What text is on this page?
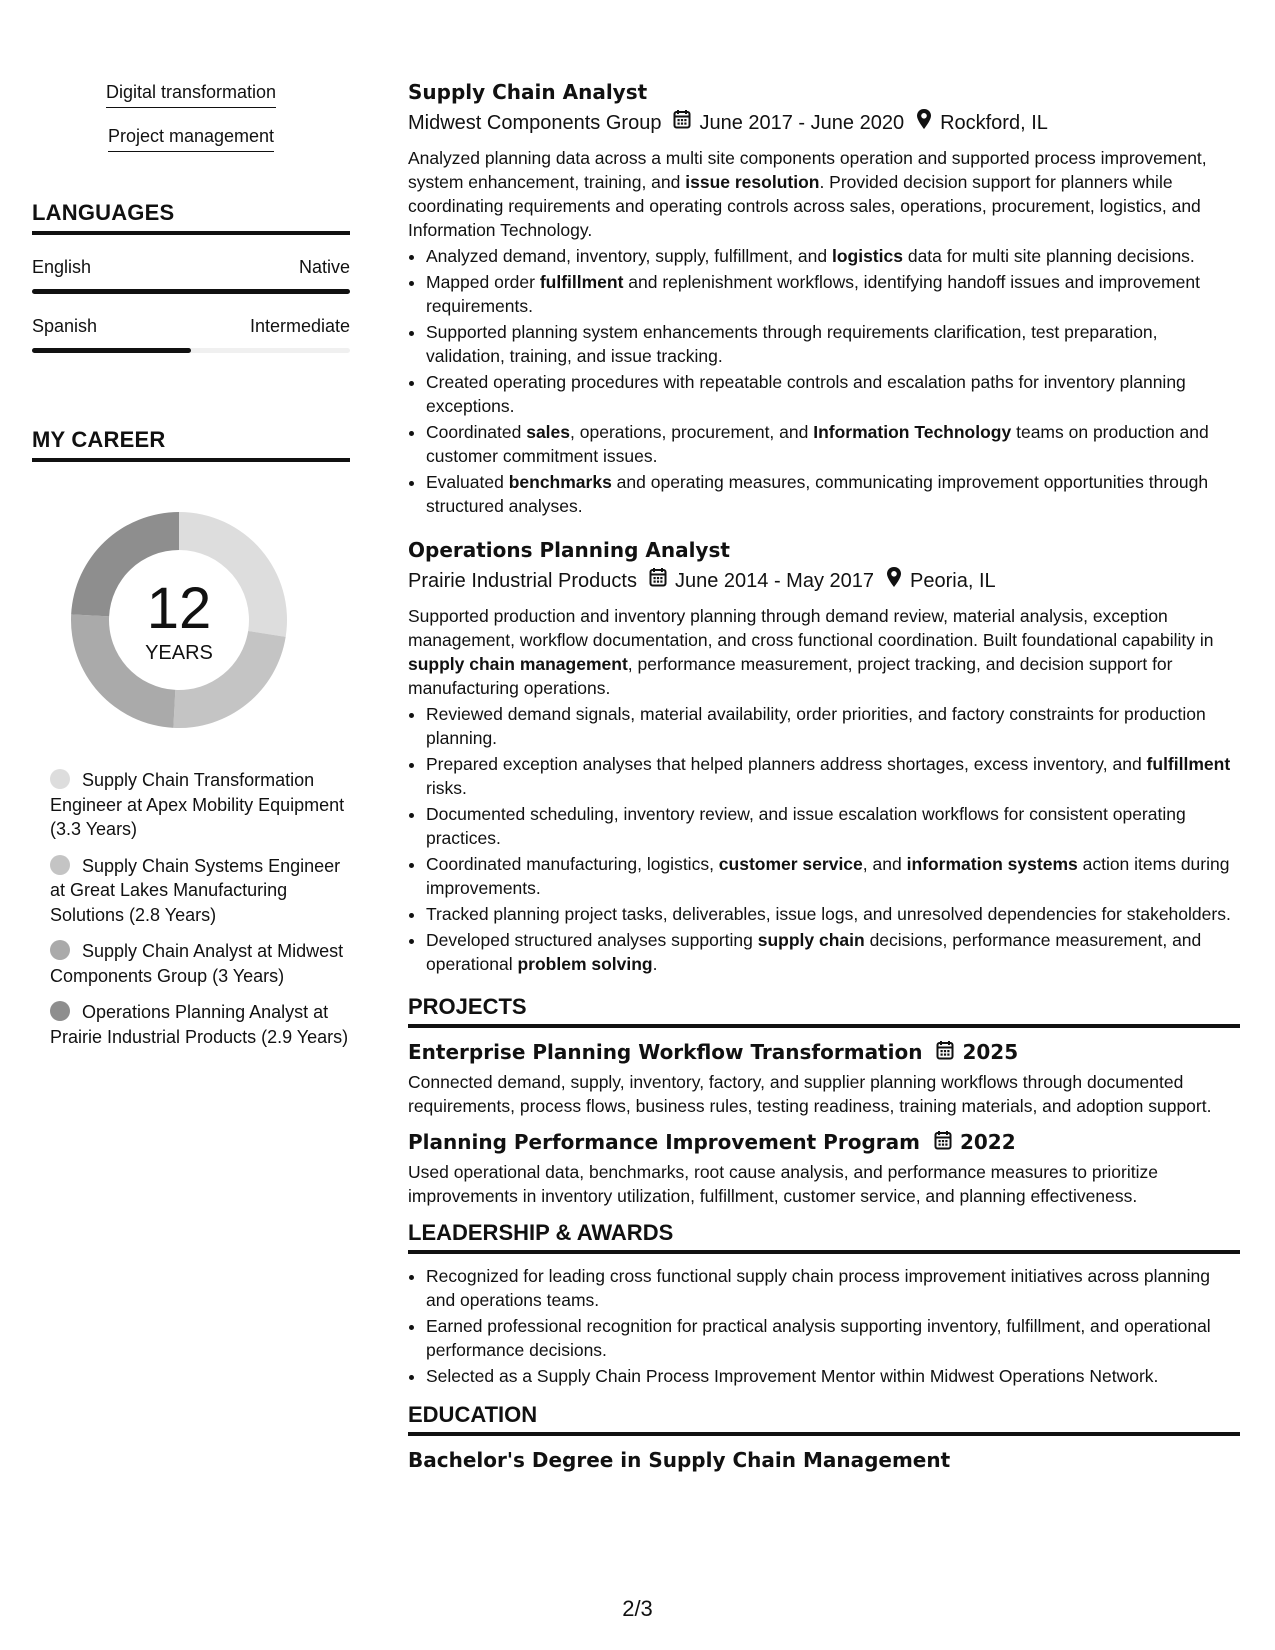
Digital transformation
Project management
LANGUAGES
English	Native
Spanish	Intermediate
MY CAREER
12
YEARS
Supply Chain Transformation Engineer at Apex Mobility Equipment (3.3 Years)
Supply Chain Systems Engineer at Great Lakes Manufacturing Solutions (2.8 Years)
Supply Chain Analyst at Midwest Components Group (3 Years)
Operations Planning Analyst at Prairie Industrial Products (2.9 Years)
Supply Chain Analyst
Midwest Components Group June 2017 - June 2020 Rockford, IL
Analyzed planning data across a multi site components operation and supported process improvement, system enhancement, training, and issue resolution. Provided decision support for planners while coordinating requirements and operating controls across sales, operations, procurement, logistics, and Information Technology.
• Analyzed demand, inventory, supply, fulfillment, and logistics data for multi site planning decisions.
• Mapped order fulfillment and replenishment workflows, identifying handoff issues and improvement requirements.
• Supported planning system enhancements through requirements clarification, test preparation, validation, training, and issue tracking.
• Created operating procedures with repeatable controls and escalation paths for inventory planning exceptions.
• Coordinated sales, operations, procurement, and Information Technology teams on production and customer commitment issues.
• Evaluated benchmarks and operating measures, communicating improvement opportunities through structured analyses.
Operations Planning Analyst
Prairie Industrial Products June 2014 - May 2017 Peoria, IL
Supported production and inventory planning through demand review, material analysis, exception management, workflow documentation, and cross functional coordination. Built foundational capability in supply chain management, performance measurement, project tracking, and decision support for manufacturing operations.
• Reviewed demand signals, material availability, order priorities, and factory constraints for production planning.
• Prepared exception analyses that helped planners address shortages, excess inventory, and fulfillment risks.
• Documented scheduling, inventory review, and issue escalation workflows for consistent operating practices.
• Coordinated manufacturing, logistics, customer service, and information systems action items during improvements.
• Tracked planning project tasks, deliverables, issue logs, and unresolved dependencies for stakeholders.
• Developed structured analyses supporting supply chain decisions, performance measurement, and operational problem solving.
PROJECTS
Enterprise Planning Workflow Transformation 2025
Connected demand, supply, inventory, factory, and supplier planning workflows through documented requirements, process flows, business rules, testing readiness, training materials, and adoption support.
Planning Performance Improvement Program 2022
Used operational data, benchmarks, root cause analysis, and performance measures to prioritize improvements in inventory utilization, fulfillment, customer service, and planning effectiveness.
LEADERSHIP & AWARDS
• Recognized for leading cross functional supply chain process improvement initiatives across planning and operations teams.
• Earned professional recognition for practical analysis supporting inventory, fulfillment, and operational performance decisions.
• Selected as a Supply Chain Process Improvement Mentor within Midwest Operations Network.
EDUCATION
Bachelor's Degree in Supply Chain Management
2/3
